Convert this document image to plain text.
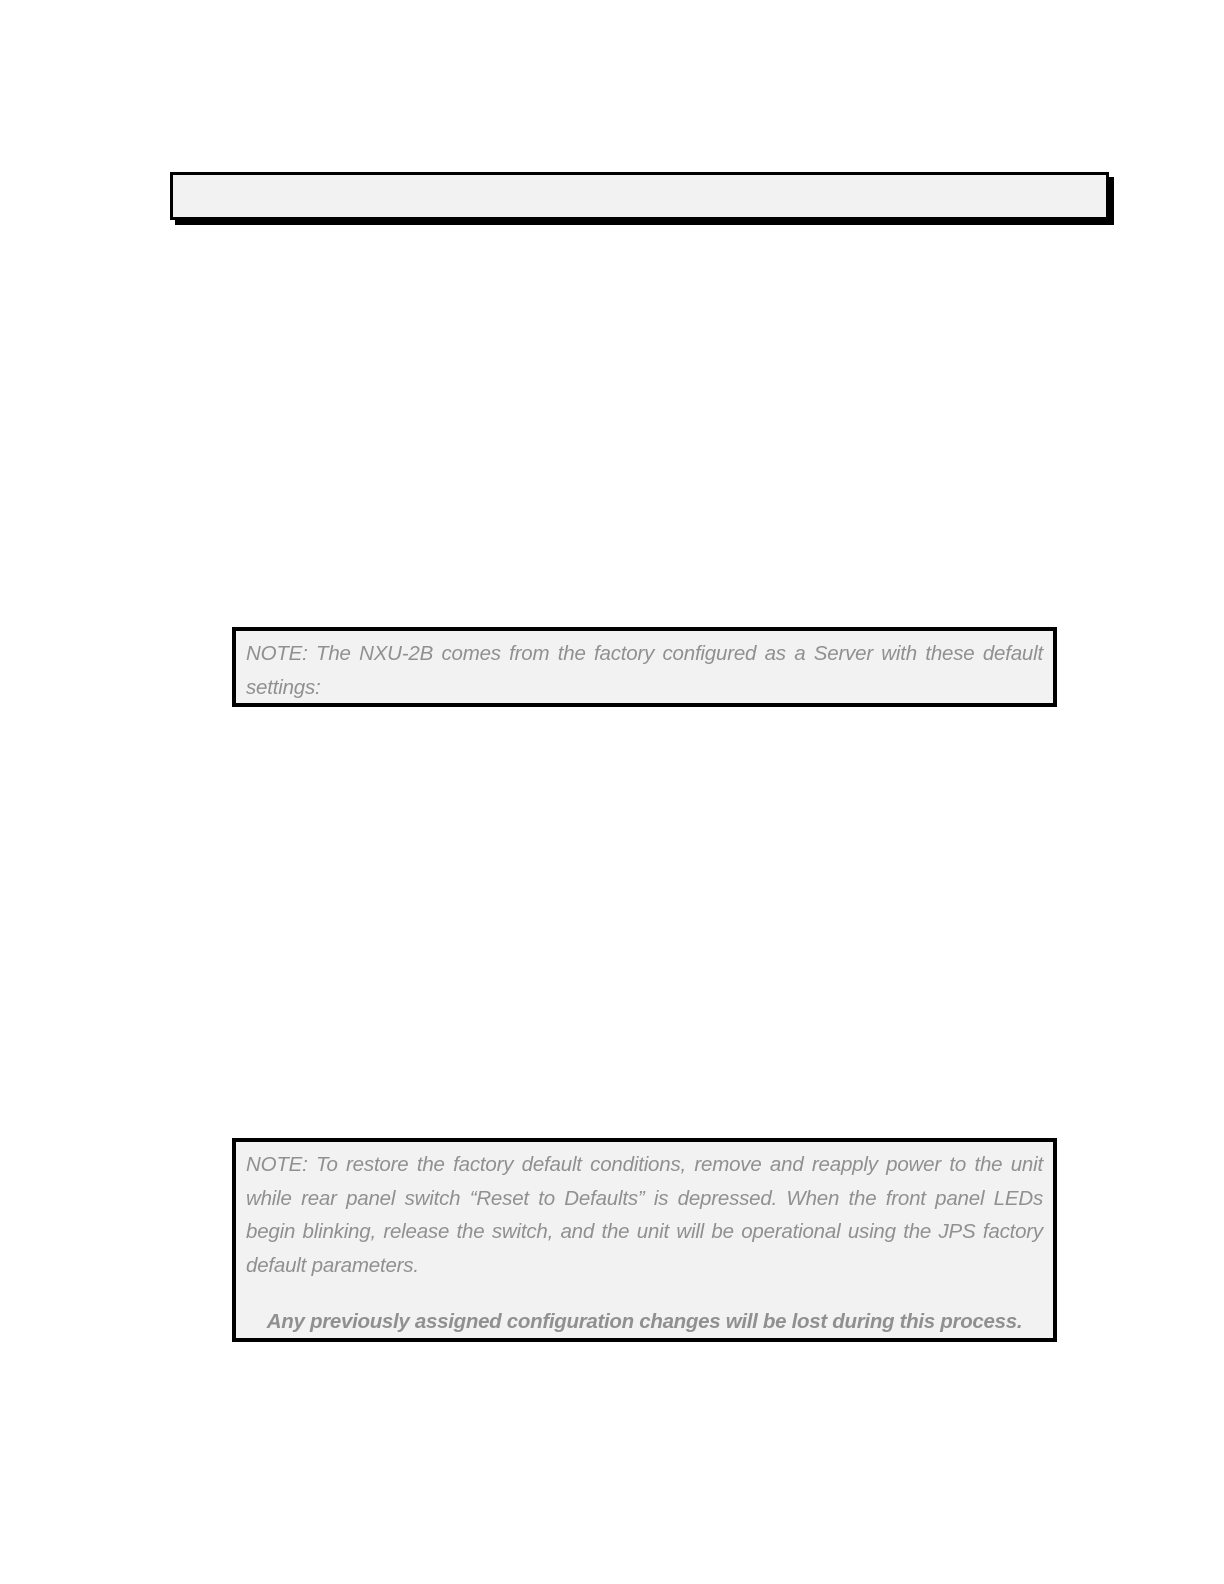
NOTE: The NXU-2B comes from the factory configured as a Server with these default settings:

NOTE: To restore the factory default conditions, remove and reapply power to the unit while rear panel switch “Reset to Defaults” is depressed. When the front panel LEDs begin blinking, release the switch, and the unit will be operational using the JPS factory default parameters.

Any previously assigned configuration changes will be lost during this process.
